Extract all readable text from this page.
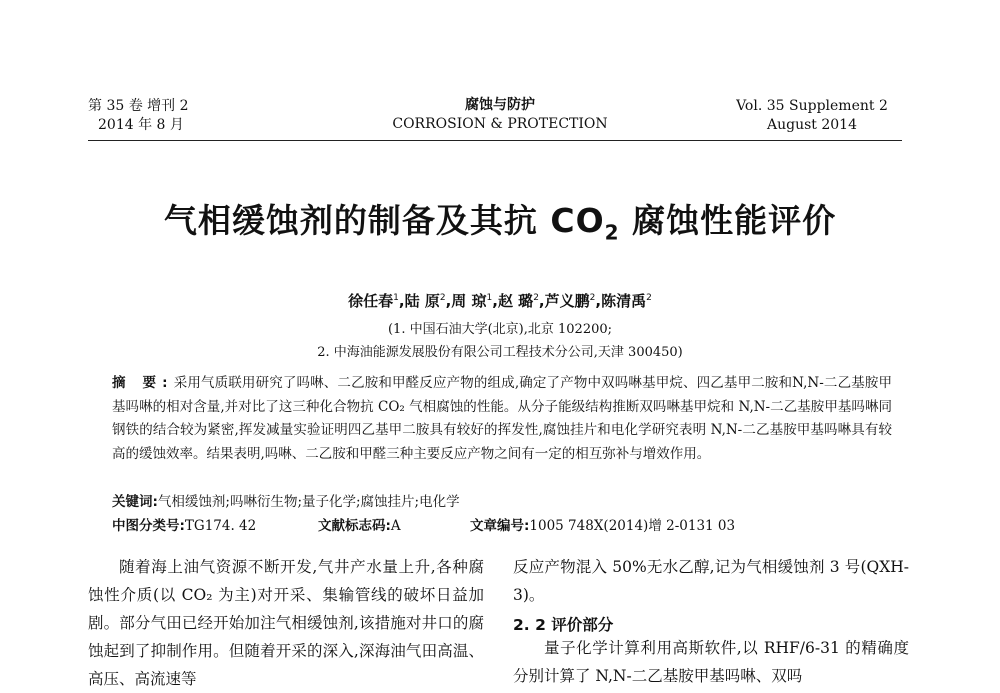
第 35 卷 增刊 2
2014 年 8 月
腐蚀与防护
CORROSION & PROTECTION
Vol. 35 Supplement 2
August 2014
气相缓蚀剂的制备及其抗 $CO_2$ 腐蚀性能评价
徐任春$^1$,陆 原$^2$,周 琼$^1$,赵 璐$^2$,芦义鹏$^2$,陈清禹$^2$
(1. 中国石油大学(北京),北京 102200;
2. 中海油能源发展股份有限公司工程技术分公司,天津 300450)
摘 要:采用气质联用研究了吗啉、二乙胺和甲醛反应产物的组成,确定了产物中双吗啉基甲烷、四乙基甲二胺和N,N-二乙基胺甲基吗啉的相对含量,并对比了这三种化合物抗 CO₂ 气相腐蚀的性能。从分子能级结构推断双吗啉基甲烷和 N,N-二乙基胺甲基吗啉同钢铁的结合较为紧密,挥发减量实验证明四乙基甲二胺具有较好的挥发性,腐蚀挂片和电化学研究表明 N,N-二乙基胺甲基吗啉具有较高的缓蚀效率。结果表明,吗啉、二乙胺和甲醛三种主要反应产物之间有一定的相互弥补与增效作用。
关键词:气相缓蚀剂;吗啉衍生物;量子化学;腐蚀挂片;电化学
中图分类号:TG174. 42	文献标志码:A	文章编号:1005 748X(2014)增 2-0131 03
随着海上油气资源不断开发,气井产水量上升,各种腐蚀性介质(以 CO₂ 为主)对开采、集输管线的破坏日益加剧。部分气田已经开始加注气相缓蚀剂,该措施对井口的腐蚀起到了抑制作用。但随着开采的深入,深海油气田高温、高压、高流速等
反应产物混入 50%无水乙醇,记为气相缓蚀剂 3 号(QXH-3)。
2. 2 评价部分
量子化学计算利用高斯软件,以 RHF/6-31 的精确度分别计算了 N,N-二乙基胺甲基吗啉、双吗
